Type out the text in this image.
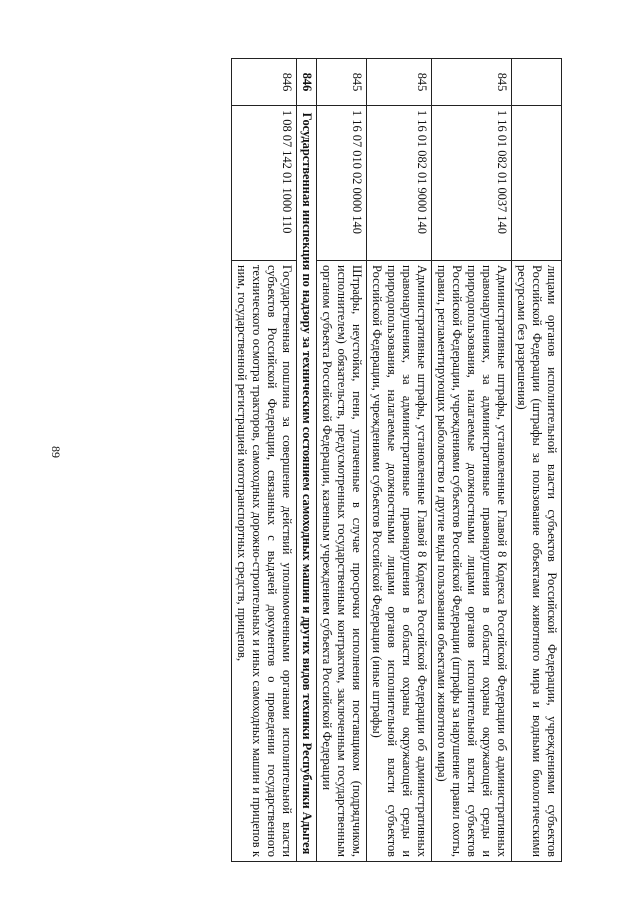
89
			лицами органов исполнительной власти субъектов Российской Федерации, учреждениями субъектов Российской Федерации (штрафы за пользование объектами животного мира и водными биологическими ресурсами без разрешения)
845	1 16 01 082 01 0037 140	Административные штрафы, установленные Главой 8 Кодекса Российской Федерации об административных правонарушениях, за административные правонарушения в области охраны окружающей среды и природопользования, налагаемые должностными лицами органов исполнительной власти субъектов Российской Федерации, учреждениями субъектов Российской Федерации (штрафы за нарушение правил охоты, правил, регламентирующих рыболовство и другие виды пользования объектами животного мира)
845	1 16 01 082 01 9000 140	Административные штрафы, установленные Главой 8 Кодекса Российской Федерации об административных правонарушениях, за административные правонарушения в области охраны окружающей среды и природопользования, налагаемые должностными лицами органов исполнительной власти субъектов Российской Федерации, учреждениями субъектов Российской Федерации (иные штрафы)
845	1 16 07 010 02 0000 140	Штрафы, неустойки, пени, уплаченные в случае просрочки исполнения поставщиком (подрядчиком, исполнителем) обязательств, предусмотренных государственным контрактом, заключенным государственным органом субъекта Российской Федерации, казенным учреждением субъекта Российской Федерации
846	Государственная инспекция по надзору за техническим состоянием самоходных машин и других видов техники Республики Адыгея	
846	1 08 07 142 01 1000 110	Государственная пошлина за совершение действий уполномоченными органами исполнительной власти субъектов Российской Федерации, связанных с выдачей документов о проведении государственного технического осмотра тракторов, самоходных дорожно-строительных и иных самоходных машин и прицепов к ним, государственной регистрацией мототранспортных средств, прицепов,
